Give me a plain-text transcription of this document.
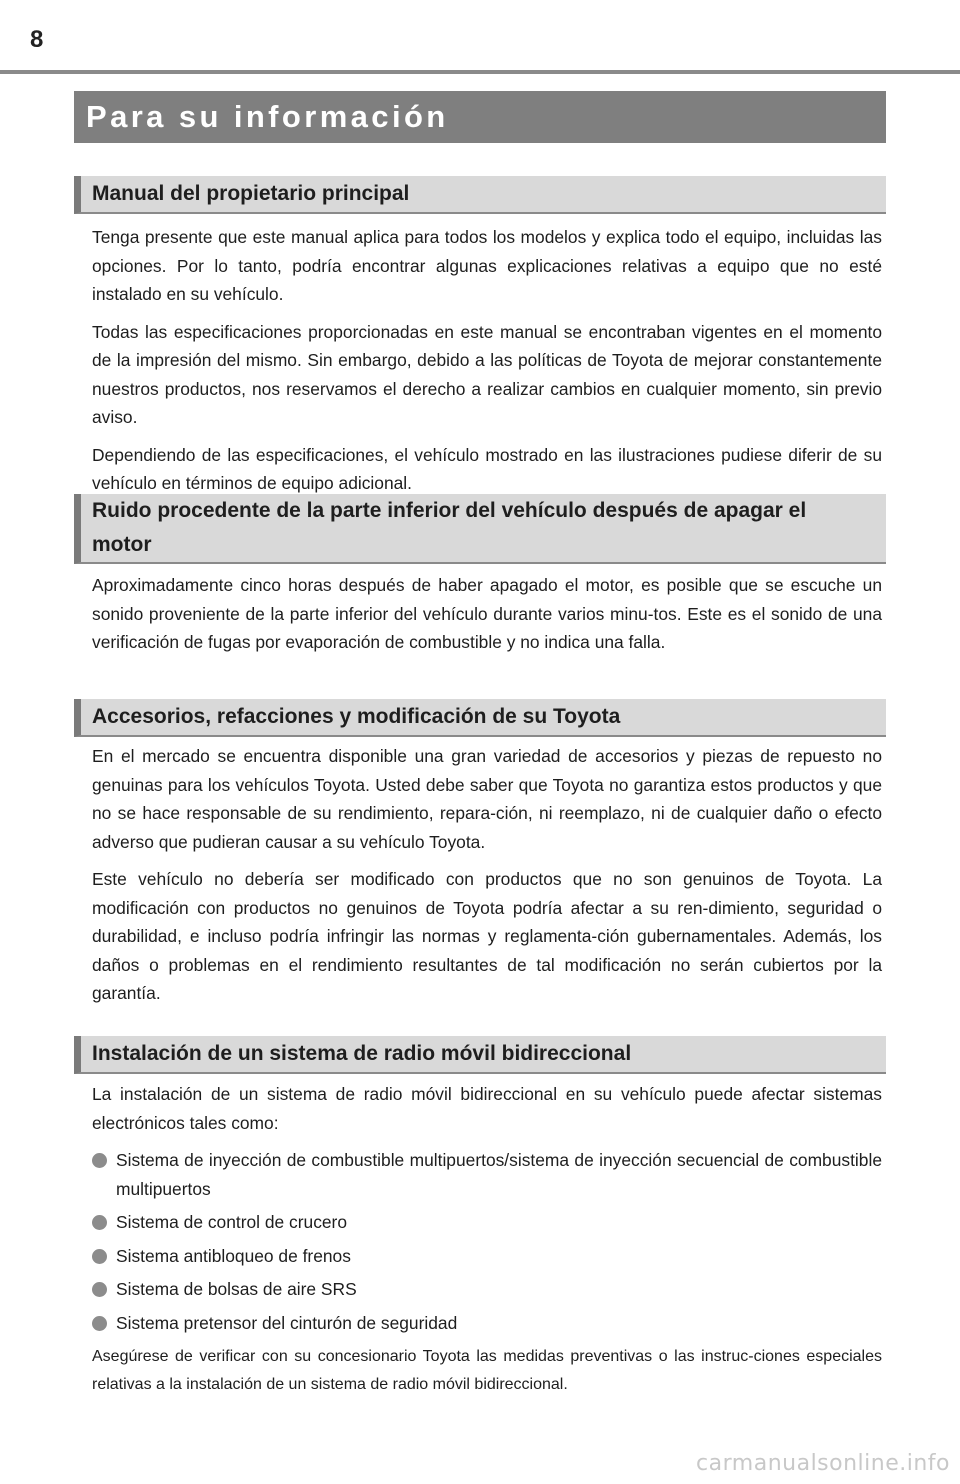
8
Para su información
Manual del propietario principal

Tenga presente que este manual aplica para todos los modelos y explica todo el equipo, incluidas las opciones. Por lo tanto, podría encontrar algunas explicaciones relativas a equipo que no esté instalado en su vehículo.

Todas las especificaciones proporcionadas en este manual se encontraban vigentes en el momento de la impresión del mismo. Sin embargo, debido a las políticas de Toyota de mejorar constantemente nuestros productos, nos reservamos el derecho a realizar cambios en cualquier momento, sin previo aviso.

Dependiendo de las especificaciones, el vehículo mostrado en las ilustraciones pudiese diferir de su vehículo en términos de equipo adicional.

Ruido procedente de la parte inferior del vehículo después de apagar el
motor

Aproximadamente cinco horas después de haber apagado el motor, es posible que se escuche un sonido proveniente de la parte inferior del vehículo durante varios minu-tos. Este es el sonido de una verificación de fugas por evaporación de combustible y no indica una falla.

Accesorios, refacciones y modificación de su Toyota

En el mercado se encuentra disponible una gran variedad de accesorios y piezas de repuesto no genuinas para los vehículos Toyota. Usted debe saber que Toyota no garantiza estos productos y que no se hace responsable de su rendimiento, repara-ción, ni reemplazo, ni de cualquier daño o efecto adverso que pudieran causar a su vehículo Toyota.

Este vehículo no debería ser modificado con productos que no son genuinos de Toyota. La modificación con productos no genuinos de Toyota podría afectar a su ren-dimiento, seguridad o durabilidad, e incluso podría infringir las normas y reglamenta-ción gubernamentales. Además, los daños o problemas en el rendimiento resultantes de tal modificación no serán cubiertos por la garantía.

Instalación de un sistema de radio móvil bidireccional

La instalación de un sistema de radio móvil bidireccional en su vehículo puede afectar sistemas electrónicos tales como:

Sistema de inyección de combustible multipuertos/sistema de inyección secuencial de combustible multipuertos
Sistema de control de crucero
Sistema antibloqueo de frenos
Sistema de bolsas de aire SRS
Sistema pretensor del cinturón de seguridad

Asegúrese de verificar con su concesionario Toyota las medidas preventivas o las instruc-ciones especiales relativas a la instalación de un sistema de radio móvil bidireccional.

carmanualsonline.info
